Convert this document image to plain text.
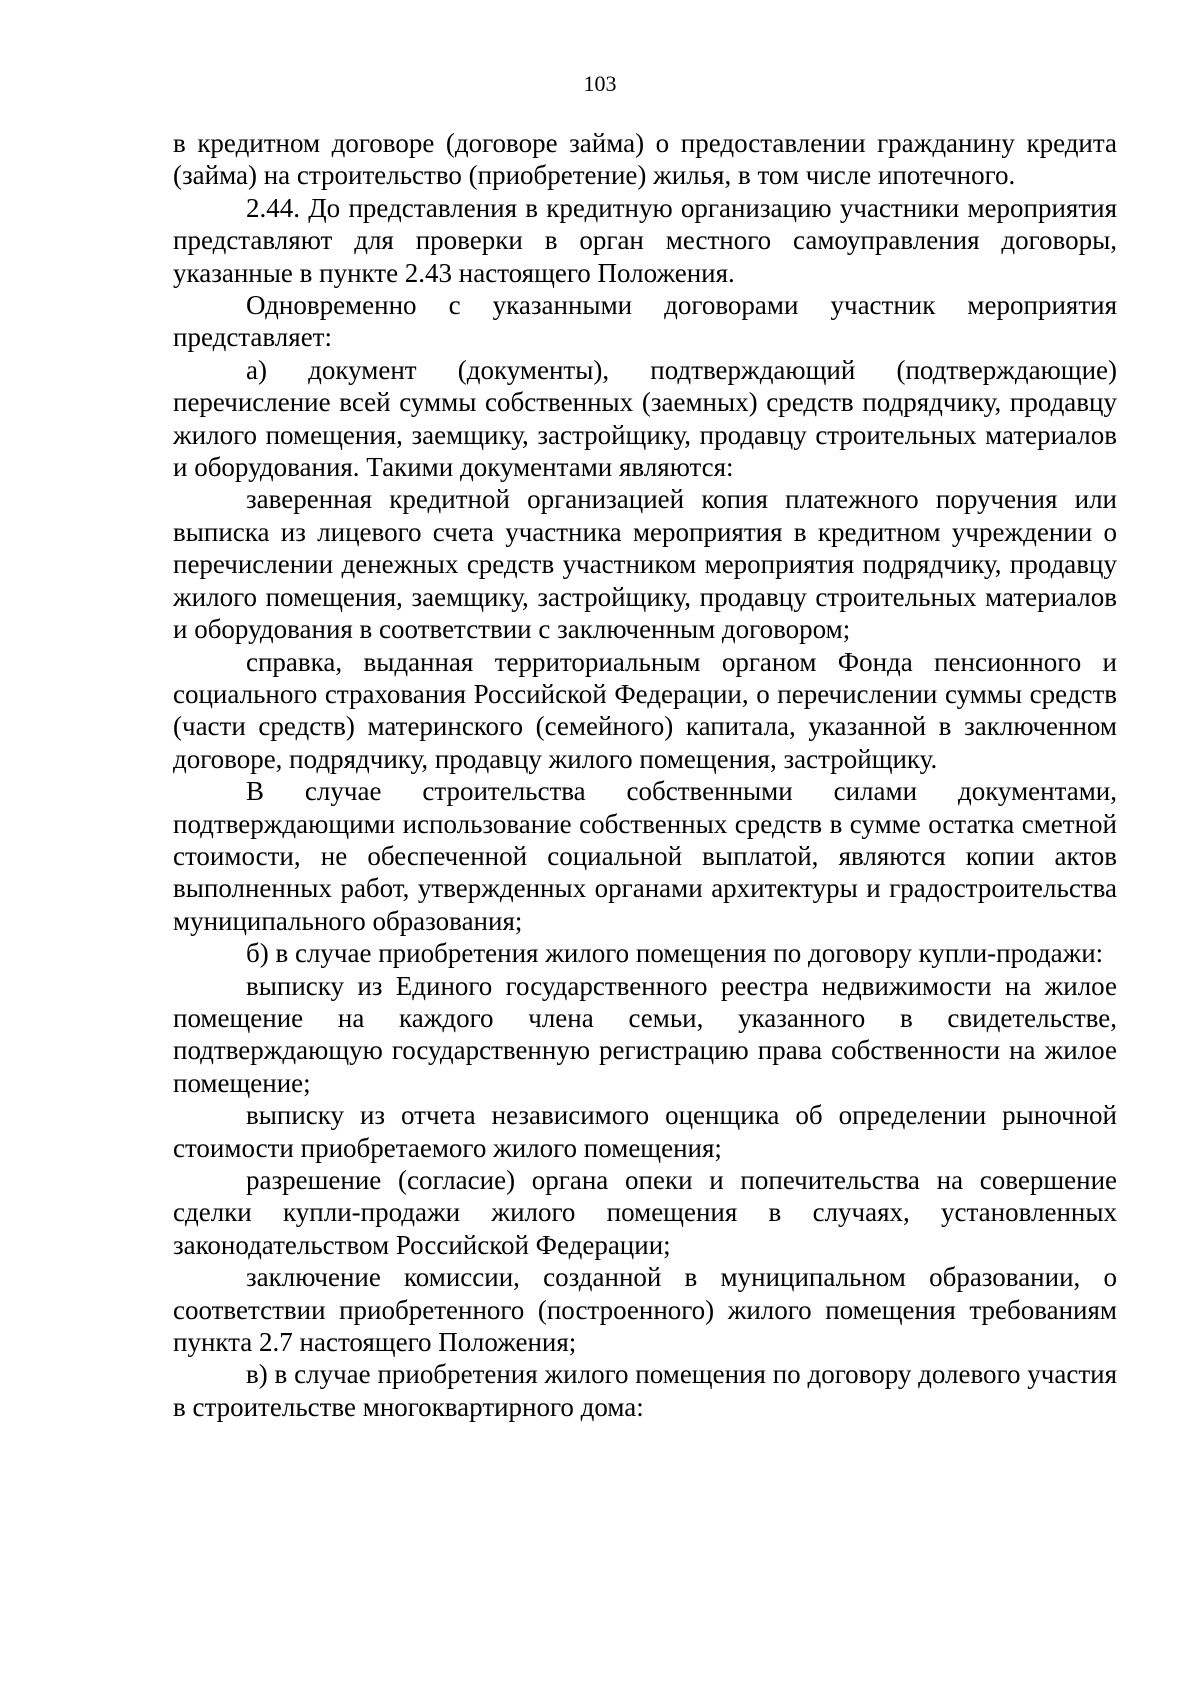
103

в кредитном договоре (договоре займа) о предоставлении гражданину кредита (займа) на строительство (приобретение) жилья, в том числе ипотечного.

2.44. До представления в кредитную организацию участники мероприятия представляют для проверки в орган местного самоуправления договоры, указанные в пункте 2.43 настоящего Положения.

Одновременно с указанными договорами участник мероприятия представляет:

а) документ (документы), подтверждающий (подтверждающие) перечисление всей суммы собственных (заемных) средств подрядчику, продавцу жилого помещения, заемщику, застройщику, продавцу строительных материалов и оборудования. Такими документами являются:

заверенная кредитной организацией копия платежного поручения или выписка из лицевого счета участника мероприятия в кредитном учреждении о перечислении денежных средств участником мероприятия подрядчику, продавцу жилого помещения, заемщику, застройщику, продавцу строительных материалов и оборудования в соответствии с заключенным договором;

справка, выданная территориальным органом Фонда пенсионного и социального страхования Российской Федерации, о перечислении суммы средств (части средств) материнского (семейного) капитала, указанной в заключенном договоре, подрядчику, продавцу жилого помещения, застройщику.

В случае строительства собственными силами документами, подтверждающими использование собственных средств в сумме остатка сметной стоимости, не обеспеченной социальной выплатой, являются копии актов выполненных работ, утвержденных органами архитектуры и градостроительства муниципального образования;

б) в случае приобретения жилого помещения по договору купли-продажи:

выписку из Единого государственного реестра недвижимости на жилое помещение на каждого члена семьи, указанного в свидетельстве, подтверждающую государственную регистрацию права собственности на жилое помещение;

выписку из отчета независимого оценщика об определении рыночной стоимости приобретаемого жилого помещения;

разрешение (согласие) органа опеки и попечительства на совершение сделки купли-продажи жилого помещения в случаях, установленных законодательством Российской Федерации;

заключение комиссии, созданной в муниципальном образовании, о соответствии приобретенного (построенного) жилого помещения требованиям пункта 2.7 настоящего Положения;

в) в случае приобретения жилого помещения по договору долевого участия в строительстве многоквартирного дома:
